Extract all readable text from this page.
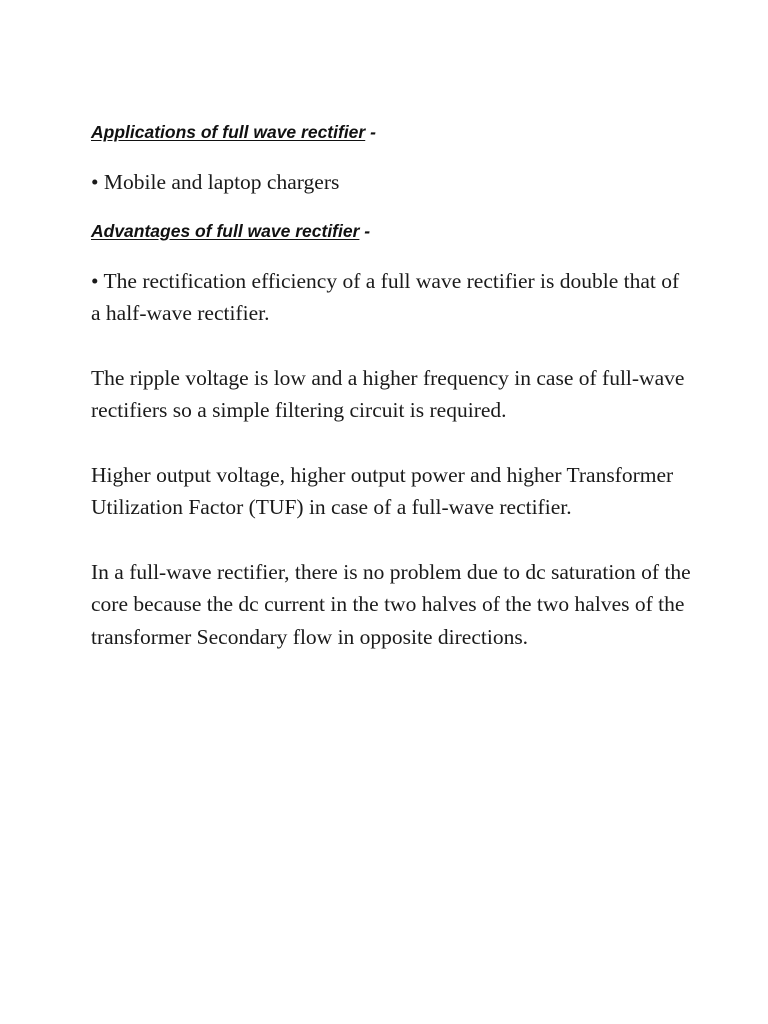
Applications of full wave rectifier -

• Mobile and laptop chargers

Advantages of full wave rectifier -

• The rectification efficiency of a full wave rectifier is double that of a half-wave rectifier.

The ripple voltage is low and a higher frequency in case of full-wave rectifiers so a simple filtering circuit is required.

Higher output voltage, higher output power and higher Transformer Utilization Factor (TUF) in case of a full-wave rectifier.

In a full-wave rectifier, there is no problem due to dc saturation of the core because the dc current in the two halves of the two halves of the transformer Secondary flow in opposite directions.
